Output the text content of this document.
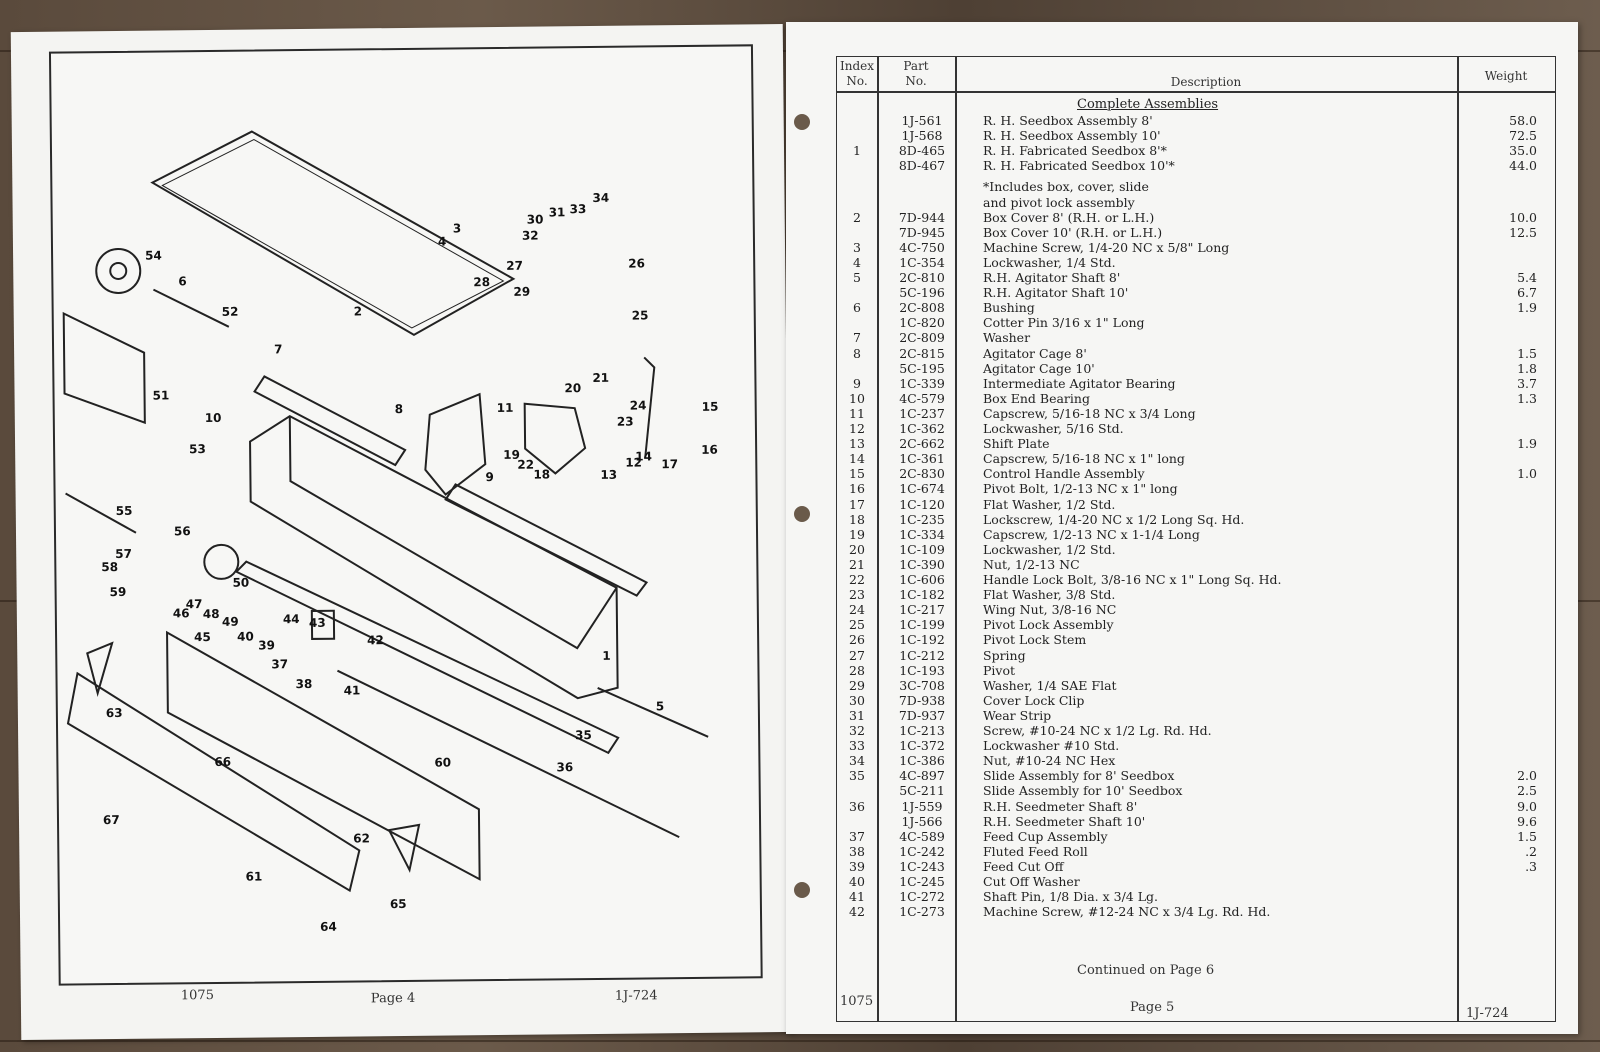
1
2
3
4
5
6
7
8
9
10
11
12
13
14
15
16
17
18
19
20
21
22
23
24
25
26
27
28
29
30
31
32
33
34
35
36
37
38
39
40
41
42
43
44
45
46
47
48
49
50
51
52
53
54
55
56
57
58
59
60
61
62
63
64
65
66
67
1075	Page 4	1J-724
Index
No.
Part
No.	Description	Weight
Complete Assemblies
1J-561	R. H. Seedbox Assembly 8'	58.0
1J-568	R. H. Seedbox Assembly 10'	72.5
1	8D-465	R. H. Fabricated Seedbox 8'*	35.0
8D-467	R. H. Fabricated Seedbox 10'*	44.0
*Includes box, cover, slide
and pivot lock assembly
2	7D-944	Box Cover 8' (R.H. or L.H.)	10.0
7D-945	Box Cover 10' (R.H. or L.H.)	12.5
3	4C-750	Machine Screw, 1/4-20 NC x 5/8" Long
4	1C-354	Lockwasher, 1/4 Std.
5	2C-810	R.H. Agitator Shaft 8'	5.4
5C-196	R.H. Agitator Shaft 10'	6.7
6	2C-808	Bushing	1.9
1C-820	Cotter Pin 3/16 x 1" Long
7	2C-809	Washer
8	2C-815	Agitator Cage 8'	1.5
5C-195	Agitator Cage 10'	1.8
9	1C-339	Intermediate Agitator Bearing	3.7
10	4C-579	Box End Bearing	1.3
11	1C-237	Capscrew, 5/16-18 NC x 3/4 Long
12	1C-362	Lockwasher, 5/16 Std.
13	2C-662	Shift Plate	1.9
14	1C-361	Capscrew, 5/16-18 NC x 1" long
15	2C-830	Control Handle Assembly	1.0
16	1C-674	Pivot Bolt, 1/2-13 NC x 1" long
17	1C-120	Flat Washer, 1/2 Std.
18	1C-235	Lockscrew, 1/4-20 NC x 1/2 Long Sq. Hd.
19	1C-334	Capscrew, 1/2-13 NC x 1-1/4 Long
20	1C-109	Lockwasher, 1/2 Std.
21	1C-390	Nut, 1/2-13 NC
22	1C-606	Handle Lock Bolt, 3/8-16 NC x 1" Long Sq. Hd.
23	1C-182	Flat Washer, 3/8 Std.
24	1C-217	Wing Nut, 3/8-16 NC
25	1C-199	Pivot Lock Assembly
26	1C-192	Pivot Lock Stem
27	1C-212	Spring
28	1C-193	Pivot
29	3C-708	Washer, 1/4 SAE Flat
30	7D-938	Cover Lock Clip
31	7D-937	Wear Strip
32	1C-213	Screw, #10-24 NC x 1/2 Lg. Rd. Hd.
33	1C-372	Lockwasher #10 Std.
34	1C-386	Nut, #10-24 NC Hex
35	4C-897	Slide Assembly for 8' Seedbox	2.0
5C-211	Slide Assembly for 10' Seedbox	2.5
36	1J-559	R.H. Seedmeter Shaft 8'	9.0
1J-566	R.H. Seedmeter Shaft 10'	9.6
37	4C-589	Feed Cup Assembly	1.5
38	1C-242	Fluted Feed Roll	.2
39	1C-243	Feed Cut Off	.3
40	1C-245	Cut Off Washer
41	1C-272	Shaft Pin, 1/8 Dia. x 3/4 Lg.
42	1C-273	Machine Screw, #12-24 NC x 3/4 Lg. Rd. Hd.
Continued on Page 6
1075	Page 5	1J-724
